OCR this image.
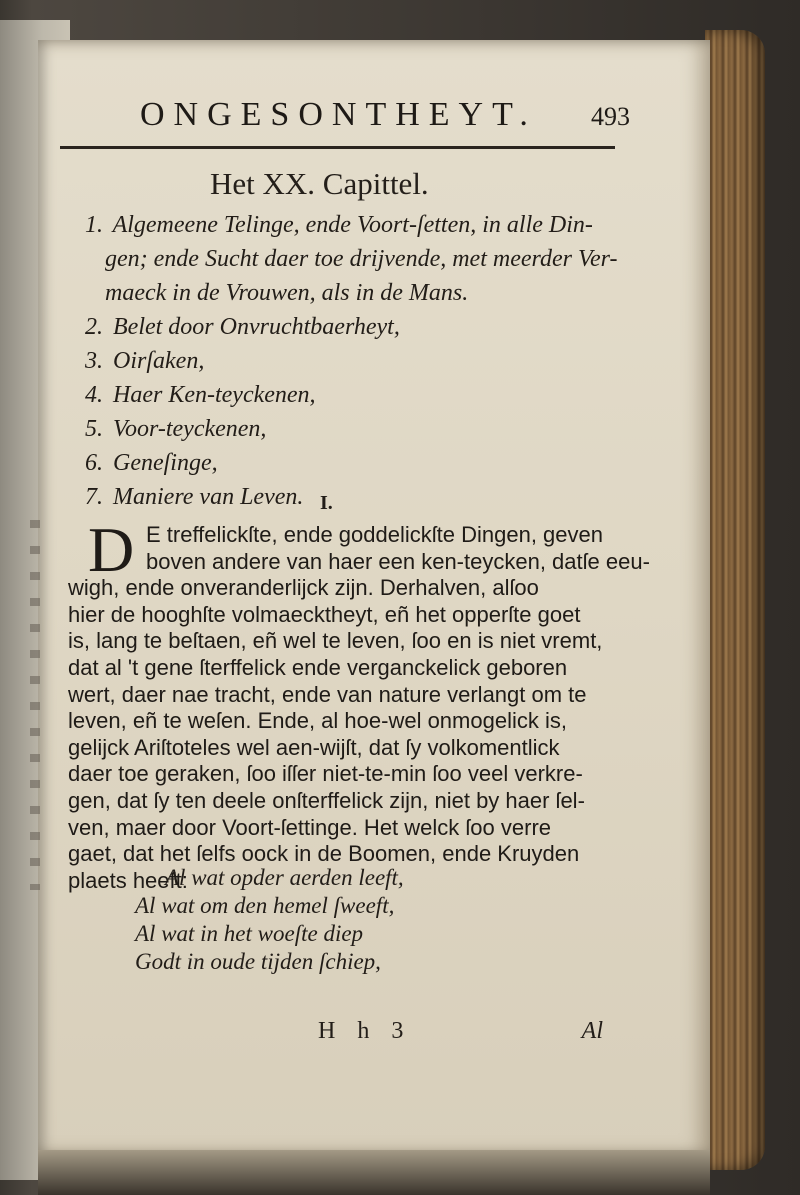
ONGESONTHEYT. 493
Het XX. Capittel.
1. Algemeene Telinge, ende Voort-ſetten, in alle Din-
gen; ende Sucht daer toe drijvende, met meerder Ver-
maeck in de Vrouwen, als in de Mans.
2. Belet door Onvruchtbaerheyt,
3. Oirſaken,
4. Haer Ken-teyckenen,
5. Voor-teyckenen,
6. Geneſinge,
7. Maniere van Leven. I.
D E treffelickſte, ende goddelickſte Dingen, geven
boven andere van haer een ken-teycken, datſe eeu-
wigh, ende onveranderlijck zijn. Derhalven, alſoo
hier de hooghſte volmaecktheyt, eñ het opperſte goet
is, lang te beſtaen, eñ wel te leven, ſoo en is niet vremt,
dat al 't gene ſterffelick ende verganckelick geboren
wert, daer nae tracht, ende van nature verlangt om te
leven, eñ te weſen. Ende, al hoe-wel onmogelick is,
gelijck Ariſtoteles wel aen-wijſt, dat ſy volkomentlick
daer toe geraken, ſoo iſſer niet-te-min ſoo veel verkre-
gen, dat ſy ten deele onſterffelick zijn, niet by haer ſel-
ven, maer door Voort-ſettinge. Het welck ſoo verre
gaet, dat het ſelfs oock in de Boomen, ende Kruyden
plaets heeft:
Al wat opder aerden leeft,
Al wat om den hemel ſweeft,
Al wat in het woeſte diep
Godt in oude tijden ſchiep,
H h 3	Al
